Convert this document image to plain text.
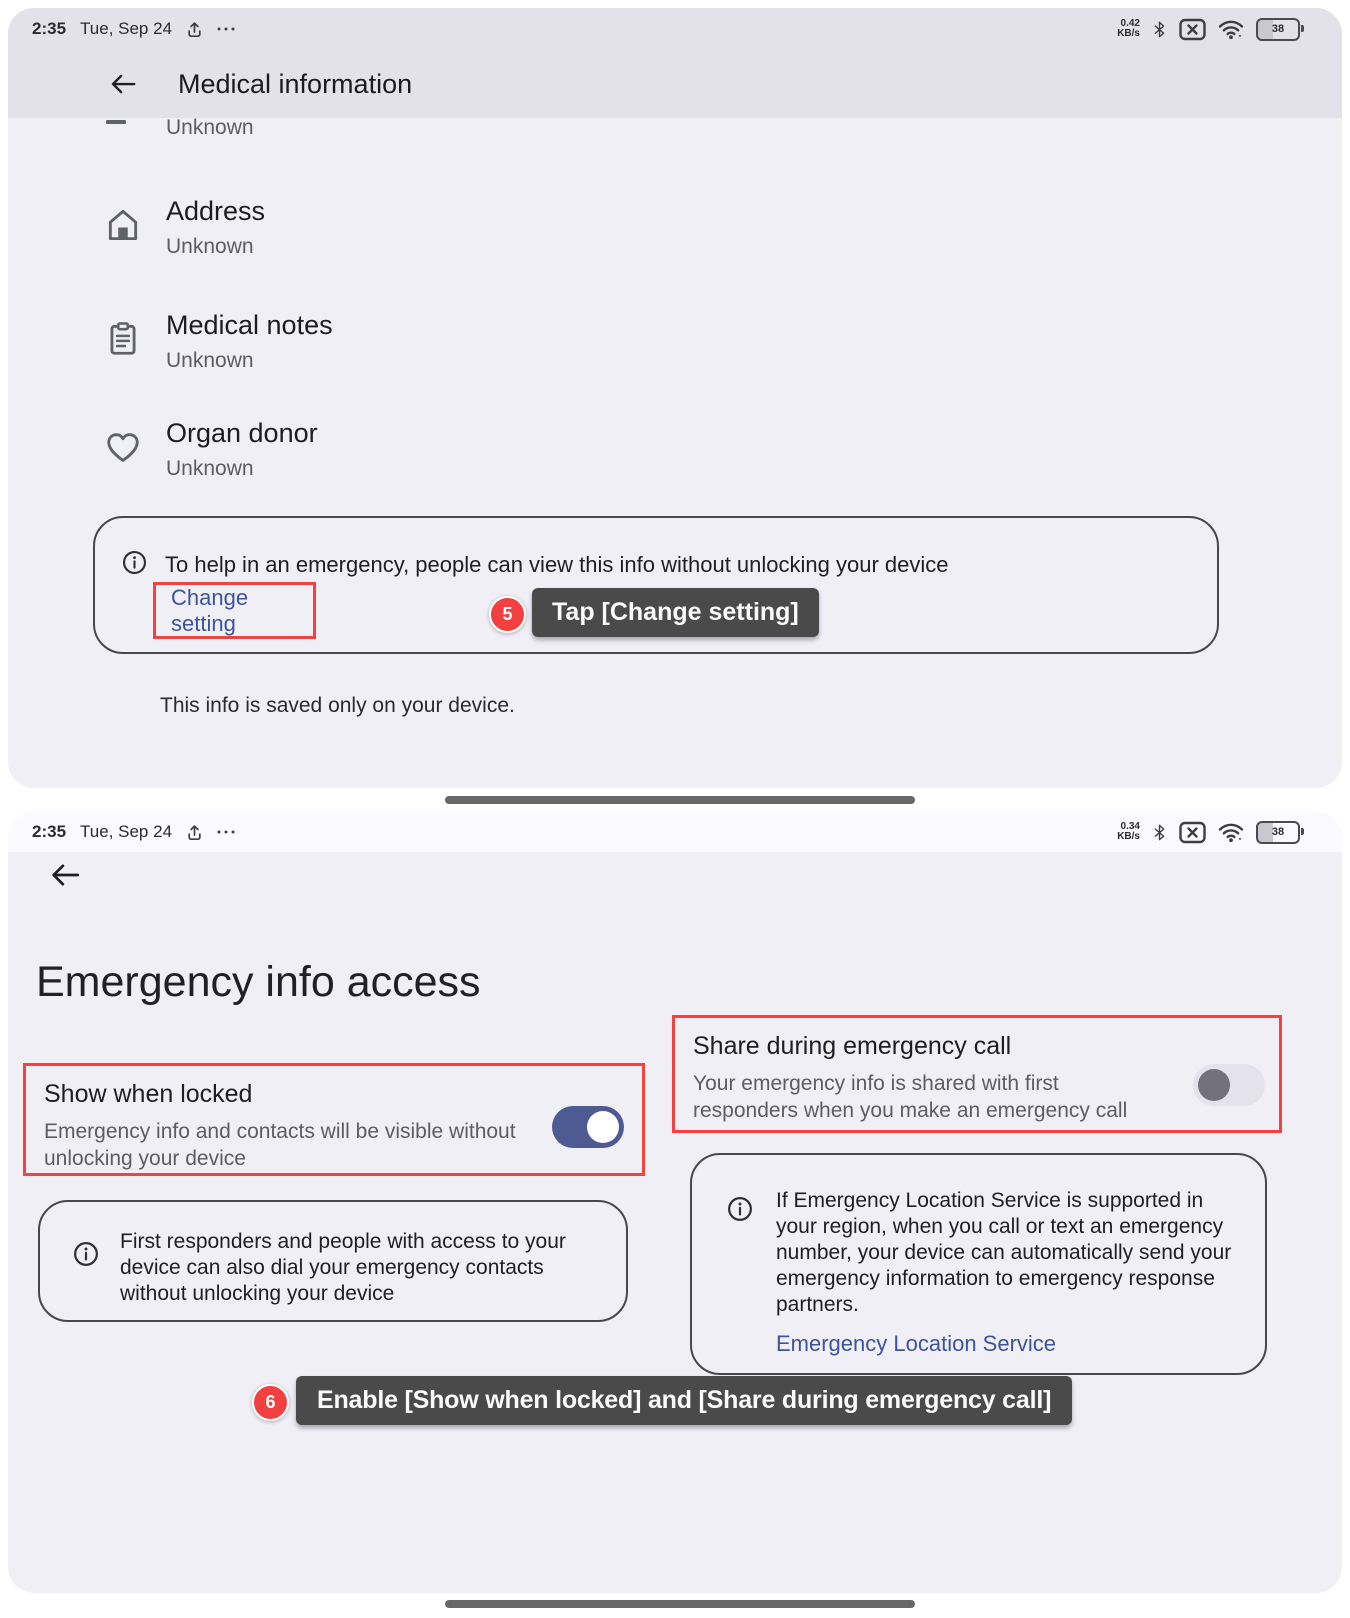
2:35 Tue, Sep 24	0.42
KB/s	38
Medical information
Unknown
Address
Unknown
Medical notes
Unknown
Organ donor
Unknown
To help in an emergency, people can view this info without unlocking your device
Change setting	5	Tap [Change setting]
This info is saved only on your device.
2:35 Tue, Sep 24	0.34
KB/s	38
Emergency info access
Show when locked
Emergency info and contacts will be visible without unlocking your device
First responders and people with access to your device can also dial your emergency contacts without unlocking your device
Share during emergency call
Your emergency info is shared with first responders when you make an emergency call
If Emergency Location Service is supported in your region, when you call or text an emergency number, your device can automatically send your emergency information to emergency response partners.
Emergency Location Service
6	Enable [Show when locked] and [Share during emergency call]
